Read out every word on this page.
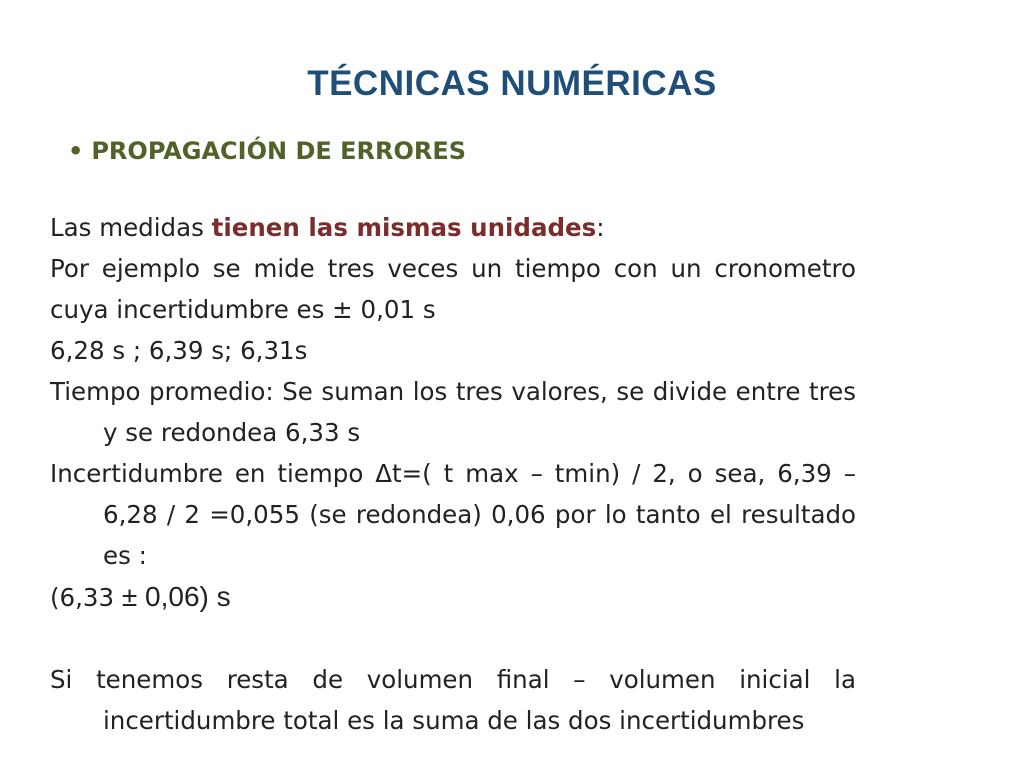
TÉCNICAS NUMÉRICAS
• PROPAGACIÓN DE ERRORES
Las medidas tienen las mismas unidades:
Por ejemplo se mide tres veces un tiempo con un cronometro cuya incertidumbre es ± 0,01 s
6,28 s ; 6,39 s; 6,31s
Tiempo promedio: Se suman los tres valores, se divide entre tres y se redondea 6,33 s
Incertidumbre en tiempo Δt=( t max – tmin) / 2, o sea, 6,39 – 6,28 / 2 =0,055 (se redondea) 0,06 por lo tanto el resultado es :
(6,33 ± 0,06) s
Si tenemos resta de volumen final – volumen inicial la incertidumbre total es la suma de las dos incertidumbres
